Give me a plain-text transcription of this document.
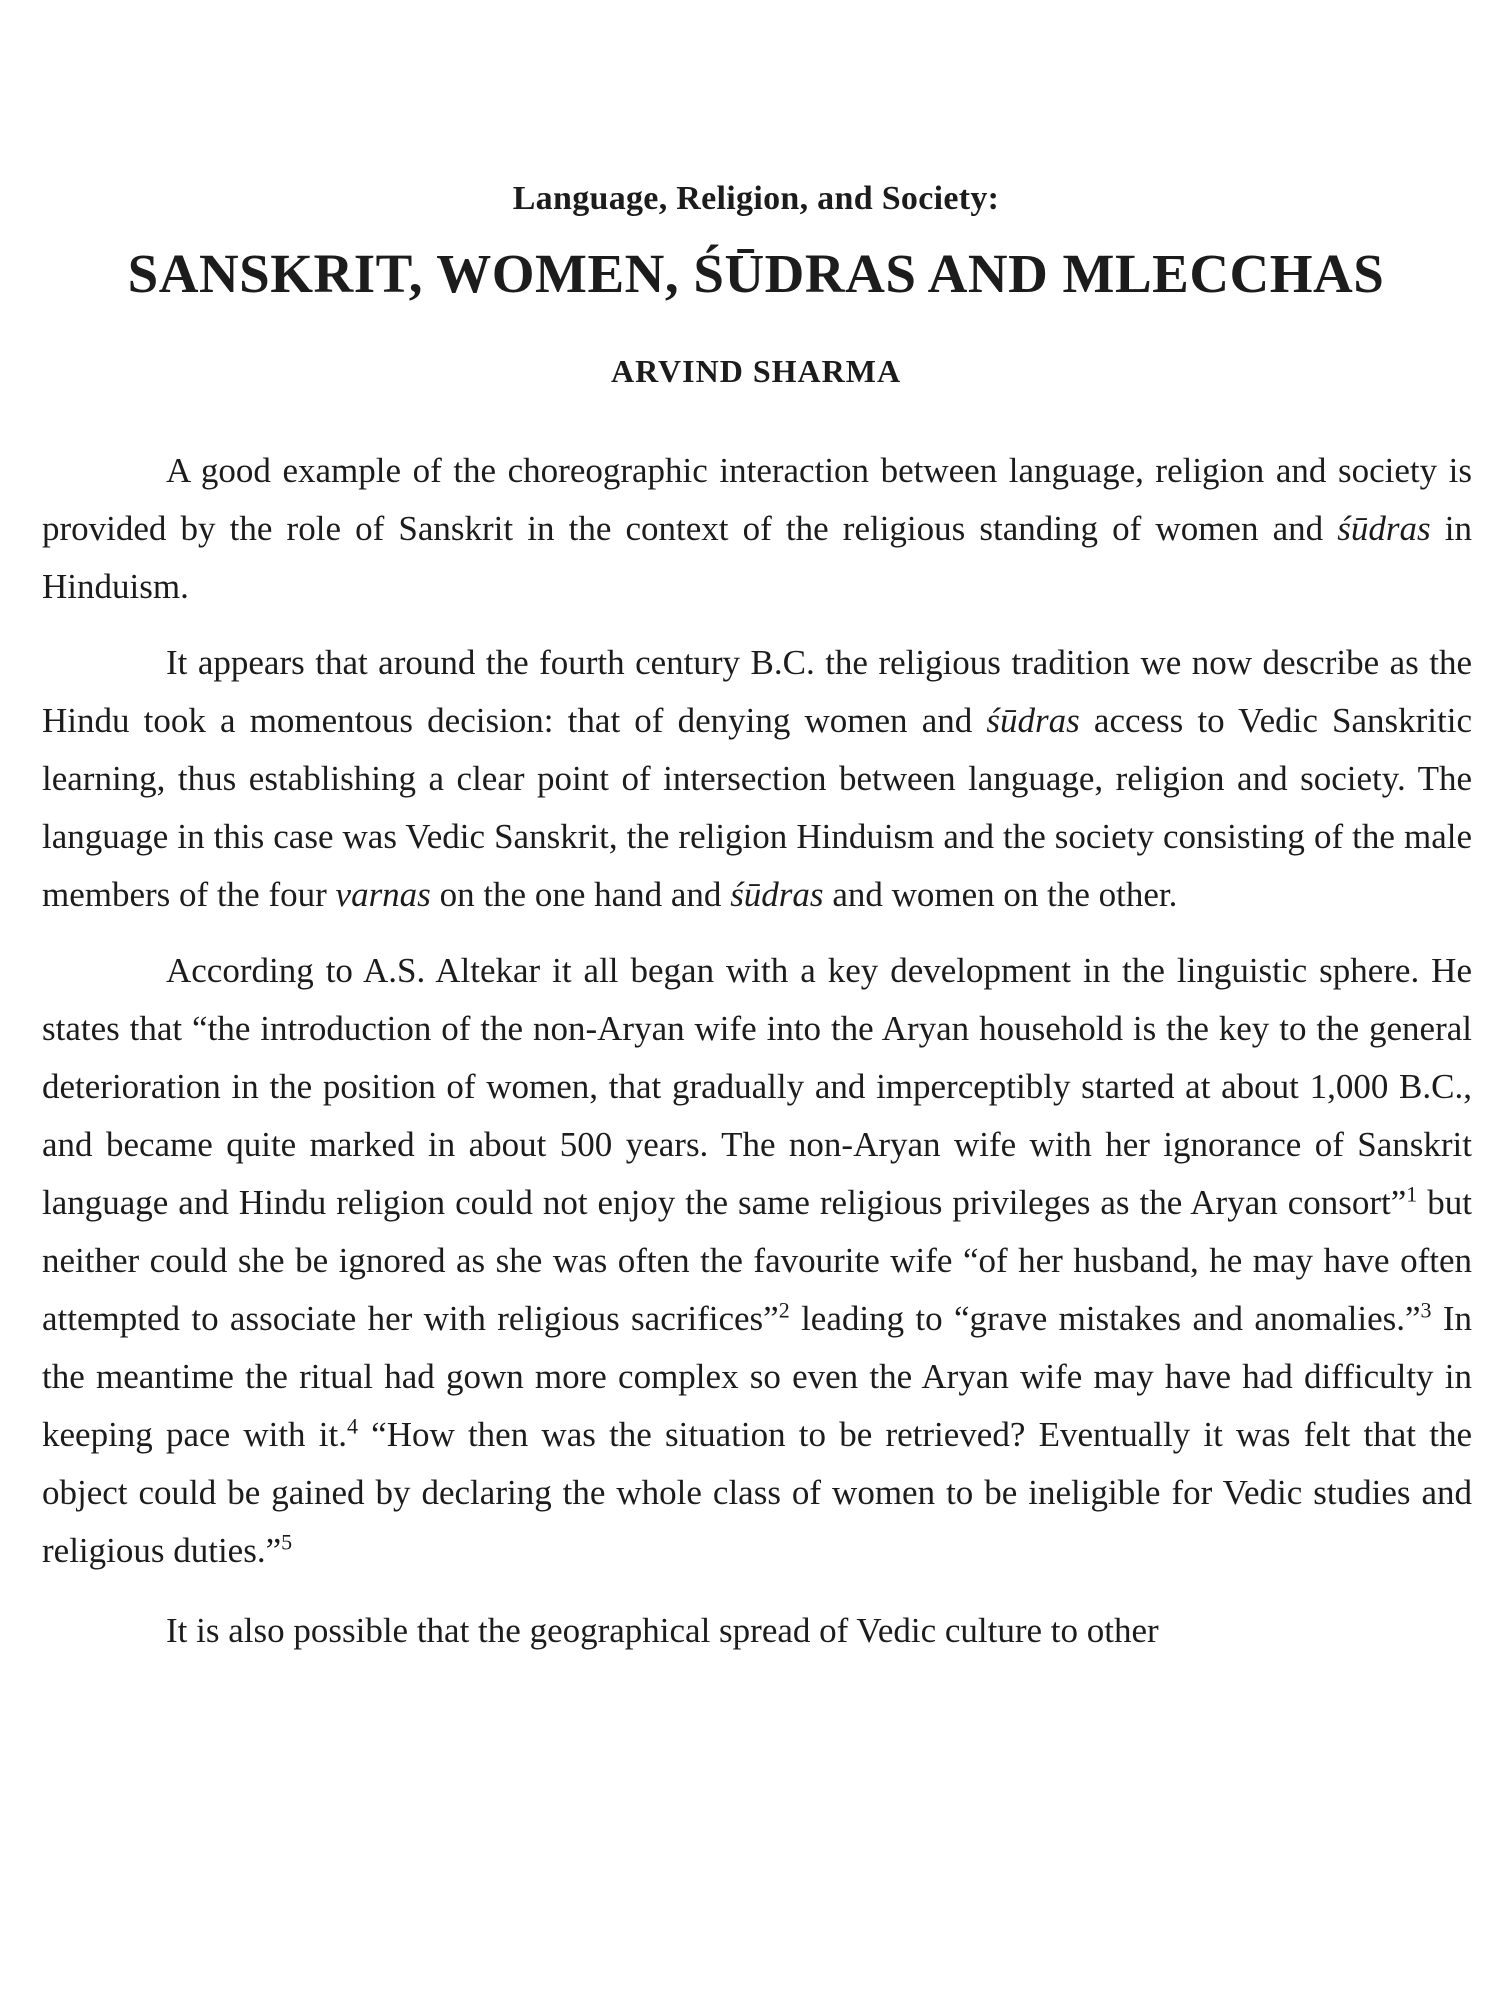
Language, Religion, and Society:
SANSKRIT, WOMEN, ŚŪDRAS AND MLECCHAS
ARVIND SHARMA

A good example of the choreographic interaction between language, religion and society is provided by the role of Sanskrit in the context of the religious standing of women and śūdras in Hinduism.

It appears that around the fourth century B.C. the religious tradition we now describe as the Hindu took a momentous decision: that of denying women and śūdras access to Vedic Sanskritic learning, thus establishing a clear point of intersection between language, religion and society. The language in this case was Vedic Sanskrit, the religion Hinduism and the society consisting of the male members of the four varnas on the one hand and śūdras and women on the other.

According to A.S. Altekar it all began with a key development in the linguistic sphere. He states that “the introduction of the non-Aryan wife into the Aryan household is the key to the general deterioration in the position of women, that gradually and imperceptibly started at about 1,000 B.C., and became quite marked in about 500 years. The non-Aryan wife with her ignorance of Sanskrit language and Hindu religion could not enjoy the same religious privileges as the Aryan consort”$^1$ but neither could she be ignored as she was often the favourite wife “of her husband, he may have often attempted to associate her with religious sacrifices”$^2$ leading to “grave mistakes and anomalies.”$^3$ In the meantime the ritual had gown more complex so even the Aryan wife may have had difficulty in keeping pace with it.$^4$ “How then was the situation to be retrieved? Eventually it was felt that the object could be gained by declaring the whole class of women to be ineligible for Vedic studies and religious duties.”$^5$

It is also possible that the geographical spread of Vedic culture to other
